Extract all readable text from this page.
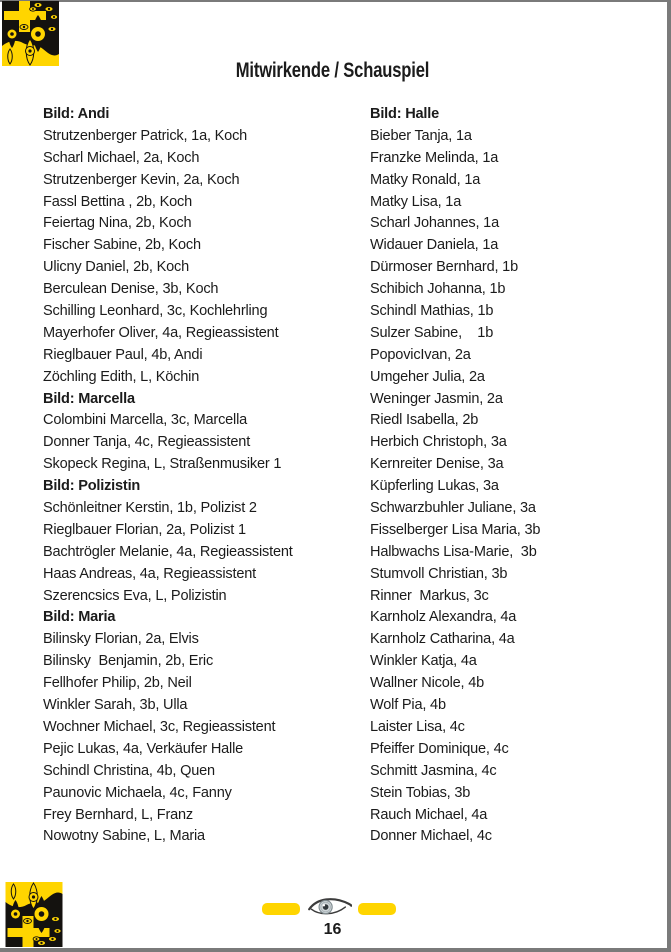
Mitwirkende / Schauspiel
Bild: Andi
Strutzenberger Patrick, 1a, Koch
Scharl Michael, 2a, Koch
Strutzenberger Kevin, 2a, Koch
Fassl Bettina , 2b, Koch
Feiertag Nina, 2b, Koch
Fischer Sabine, 2b, Koch
Ulicny Daniel, 2b, Koch
Berculean Denise, 3b, Koch
Schilling Leonhard, 3c, Kochlehrling
Mayerhofer Oliver, 4a, Regieassistent
Rieglbauer Paul, 4b, Andi
Zöchling Edith, L, Köchin
Bild: Marcella
Colombini Marcella, 3c, Marcella
Donner Tanja, 4c, Regieassistent
Skopeck Regina, L, Straßenmusiker 1
Bild: Polizistin
Schönleitner Kerstin, 1b, Polizist 2
Rieglbauer Florian, 2a, Polizist 1
Bachtrögler Melanie, 4a, Regieassistent
Haas Andreas, 4a, Regieassistent
Szerencsics Eva, L, Polizistin
Bild: Maria
Bilinsky Florian, 2a, Elvis
Bilinsky  Benjamin, 2b, Eric
Fellhofer Philip, 2b, Neil
Winkler Sarah, 3b, Ulla
Wochner Michael, 3c, Regieassistent
Pejic Lukas, 4a, Verkäufer Halle
Schindl Christina, 4b, Quen
Paunovic Michaela, 4c, Fanny
Frey Bernhard, L, Franz
Nowotny Sabine, L, Maria
Bild: Halle
Bieber Tanja, 1a
Franzke Melinda, 1a
Matky Ronald, 1a
Matky Lisa, 1a
Scharl Johannes, 1a
Widauer Daniela, 1a
Dürmoser Bernhard, 1b
Schibich Johanna, 1b
Schindl Mathias, 1b
Sulzer Sabine,    1b
PopovicIvan, 2a
Umgeher Julia, 2a
Weninger Jasmin, 2a
Riedl Isabella, 2b
Herbich Christoph, 3a
Kernreiter Denise, 3a
Küpferling Lukas, 3a
Schwarzbuhler Juliane, 3a
Fisselberger Lisa Maria, 3b
Halbwachs Lisa-Marie,  3b
Stumvoll Christian, 3b
Rinner  Markus, 3c
Karnholz Alexandra, 4a
Karnholz Catharina, 4a
Winkler Katja, 4a
Wallner Nicole, 4b
Wolf Pia, 4b
Laister Lisa, 4c
Pfeiffer Dominique, 4c
Schmitt Jasmina, 4c
Stein Tobias, 3b
Rauch Michael, 4a
Donner Michael, 4c
16
